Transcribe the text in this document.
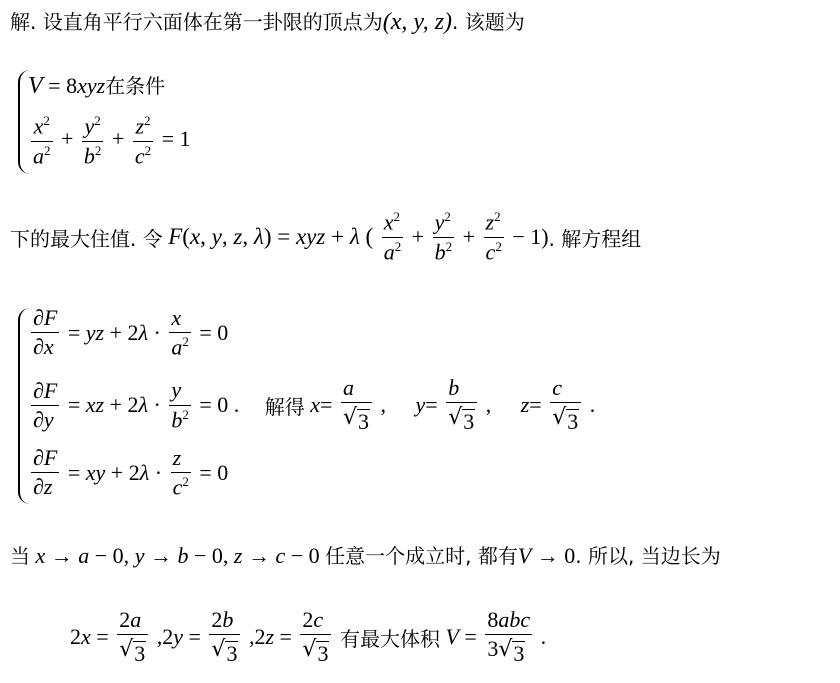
解. 设直角平行六面体在第一卦限的顶点为(x, y, z). 该题为
V = 8xyz在条件
$\frac{x^2}{a^2} + \frac{y^2}{b^2} + \frac{z^2}{c^2} = 1$
下的最大住值. 令 F(x, y, z, λ) = xyz + λ ( $\frac{x^2}{a^2} + \frac{y^2}{b^2} + \frac{z^2}{c^2} - 1$). 解方程组
$\frac{\partial F}{\partial x}$ = yz + $2\lambda \cdot \frac{x}{a^2} = 0$
$\frac{\partial F}{\partial y}$ = xz + $2\lambda \cdot \frac{y}{b^2} = 0$ . 解得 $x= \frac{a}{√ 3}$ , $y= \frac{b}{√ 3}$ , $z= \frac{c}{√ 3}$ .
$\frac{\partial F}{\partial z}$ = xy + $2\lambda \cdot \frac{z}{c^2} = 0$
当 x → a − 0, y → b − 0, z → c − 0 任意一个成立时, 都有V → 0. 所以, 当边长为
$2x = \frac{2a}{√ 3} ,2y = \frac{2b}{√ 3} ,2z = \frac{2c}{√ 3}$ 有最大体积 $V = \frac{\text{8abc}}{3 √ 3}$ .
